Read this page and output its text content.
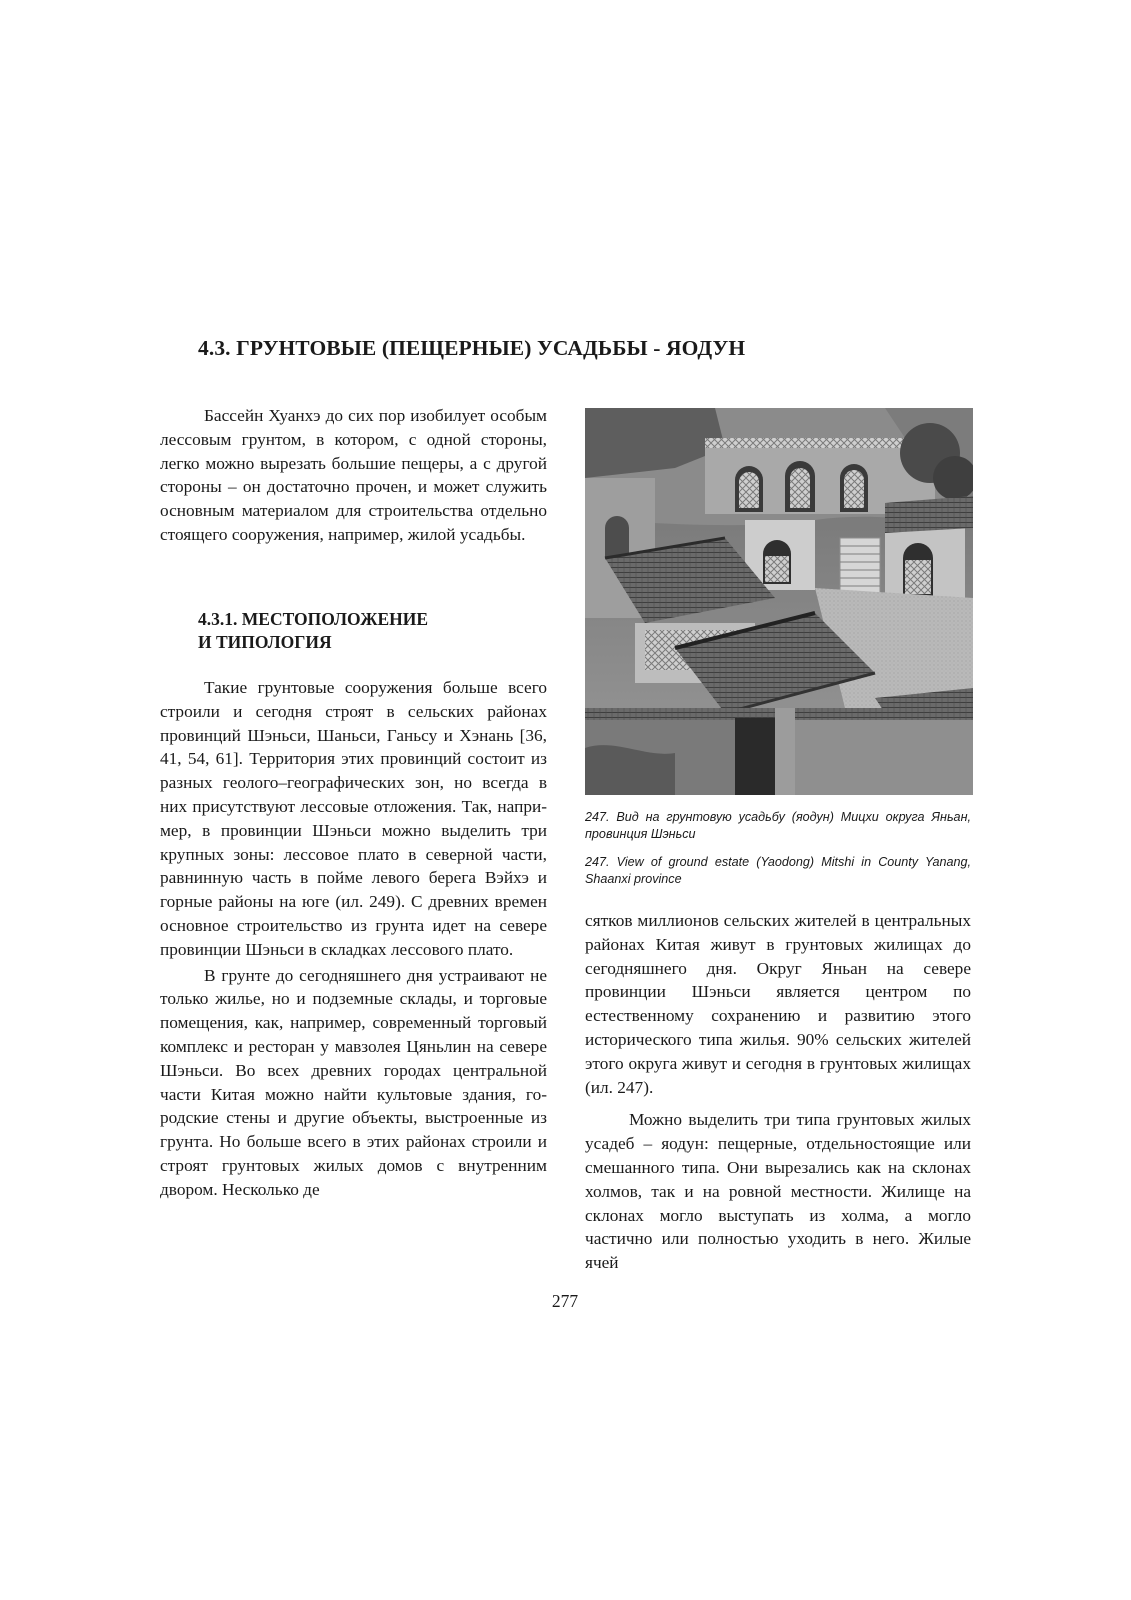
4.3. ГРУНТОВЫЕ (ПЕЩЕРНЫЕ) УСАДЬБЫ - ЯОДУН

Бассейн Хуанхэ до сих пор изобилует особым лессовым грунтом, в котором, с одной стороны, легко можно вырезать большие пещеры, а с другой стороны – он достаточно прочен, и может служить основным материалом для строительства отдельно стоящего сооружения, например, жилой усадьбы.

4.3.1. МЕСТОПОЛОЖЕНИЕ
И ТИПОЛОГИЯ

Такие грунтовые сооружения больше всего строили и сегодня строят в сельских районах провинций Шэньси, Шаньси, Ганьсу и Хэнань [36, 41, 54, 61]. Территория этих провинций состоит из разных геолого–географических зон, но всегда в них присутствуют лессовые отложения. Так, например, в провинции Шэньси можно выделить три крупных зоны: лессовое плато в северной части, равнинную часть в пойме левого берега Вэйхэ и горные районы на юге (ил. 249). С древних времен основное строительство из грунта идет на севере провинции Шэньси в складках лессового плато.

В грунте до сегодняшнего дня устраивают не только жилье, но и подземные склады, и торговые помещения, как, например, современный торговый комплекс и ресторан у мавзолея Цяньлин на севере Шэньси. Во всех древних городах центральной части Китая можно найти культовые здания, городские стены и другие объекты, выстроенные из грунта. Но больше всего в этих районах строили и строят грунтовых жилых домов с внутренним двором. Несколько де

247. Вид на грунтовую усадьбу (яодун) Мицхи округа Яньан, провинция Шэньси

247. View of ground estate (Yaodong) Mitshi in County Yanang, Shaanxi province

сятков миллионов сельских жителей в центральных районах Китая живут в грунтовых жилищах до сегодняшнего дня. Округ Яньан на севере провинции Шэньси является центром по естественному сохранению и развитию этого исторического типа жилья. 90% сельских жителей этого округа живут и сегодня в грунтовых жилищах (ил. 247).

Можно выделить три типа грунтовых жилых усадеб – яодун: пещерные, отдельностоящие или смешанного типа. Они вырезались как на склонах холмов, так и на ровной местности. Жилище на склонах могло выступать из холма, а могло частично или полностью уходить в него. Жилые ячей

277
